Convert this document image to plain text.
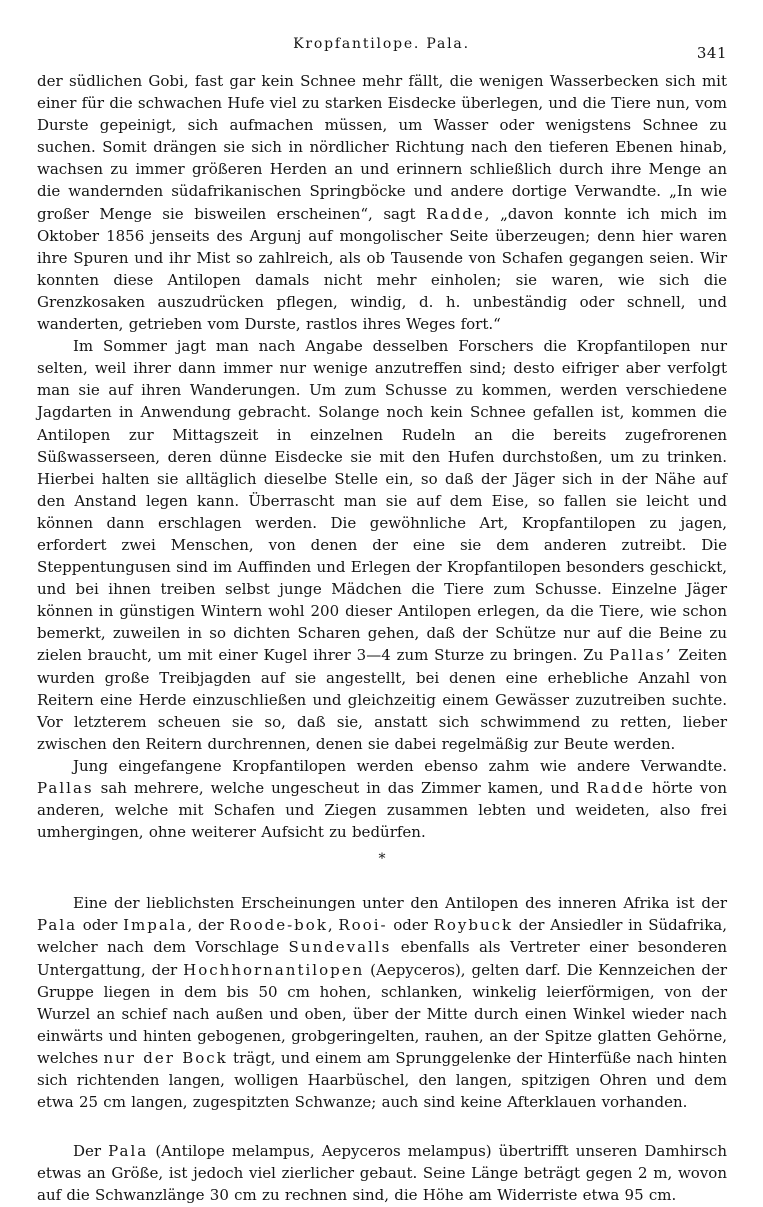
Kropfantilope. Pala.	341

der südlichen Gobi, fast gar kein Schnee mehr fällt, die wenigen Wasserbecken sich mit einer für die schwachen Hufe viel zu starken Eisdecke überlegen, und die Tiere nun, vom Durste gepeinigt, sich aufmachen müssen, um Wasser oder wenigstens Schnee zu suchen. Somit drängen sie sich in nördlicher Richtung nach den tieferen Ebenen hinab, wachsen zu immer größeren Herden an und erinnern schließlich durch ihre Menge an die wandernden südafrikanischen Springböcke und andere dortige Verwandte. „In wie großer Menge sie bisweilen erscheinen“, sagt Radde, „davon konnte ich mich im Oktober 1856 jenseits des Argunj auf mongolischer Seite überzeugen; denn hier waren ihre Spuren und ihr Mist so zahlreich, als ob Tausende von Schafen gegangen seien. Wir konnten diese Antilopen damals nicht mehr einholen; sie waren, wie sich die Grenzkosaken auszudrücken pflegen, windig, d. h. unbeständig oder schnell, und wanderten, getrieben vom Durste, rastlos ihres Weges fort.“

Im Sommer jagt man nach Angabe desselben Forschers die Kropfantilopen nur selten, weil ihrer dann immer nur wenige anzutreffen sind; desto eifriger aber verfolgt man sie auf ihren Wanderungen. Um zum Schusse zu kommen, werden verschiedene Jagdarten in Anwendung gebracht. Solange noch kein Schnee gefallen ist, kommen die Antilopen zur Mittagszeit in einzelnen Rudeln an die bereits zugefrorenen Süßwasserseen, deren dünne Eisdecke sie mit den Hufen durchstoßen, um zu trinken. Hierbei halten sie alltäglich dieselbe Stelle ein, so daß der Jäger sich in der Nähe auf den Anstand legen kann. Überrascht man sie auf dem Eise, so fallen sie leicht und können dann erschlagen werden. Die gewöhnliche Art, Kropfantilopen zu jagen, erfordert zwei Menschen, von denen der eine sie dem anderen zutreibt. Die Steppentungusen sind im Auffinden und Erlegen der Kropfantilopen besonders geschickt, und bei ihnen treiben selbst junge Mädchen die Tiere zum Schusse. Einzelne Jäger können in günstigen Wintern wohl 200 dieser Antilopen erlegen, da die Tiere, wie schon bemerkt, zuweilen in so dichten Scharen gehen, daß der Schütze nur auf die Beine zu zielen braucht, um mit einer Kugel ihrer 3—4 zum Sturze zu bringen. Zu Pallas’ Zeiten wurden große Treibjagden auf sie angestellt, bei denen eine erhebliche Anzahl von Reitern eine Herde einzuschließen und gleichzeitig einem Gewässer zuzutreiben suchte. Vor letzterem scheuen sie so, daß sie, anstatt sich schwimmend zu retten, lieber zwischen den Reitern durchrennen, denen sie dabei regelmäßig zur Beute werden.

Jung eingefangene Kropfantilopen werden ebenso zahm wie andere Verwandte. Pallas sah mehrere, welche ungescheut in das Zimmer kamen, und Radde hörte von anderen, welche mit Schafen und Ziegen zusammen lebten und weideten, also frei umhergingen, ohne weiterer Aufsicht zu bedürfen.

*

Eine der lieblichsten Erscheinungen unter den Antilopen des inneren Afrika ist der Pala oder Impala, der Roode-bok, Rooi- oder Roybuck der Ansiedler in Südafrika, welcher nach dem Vorschlage Sundevalls ebenfalls als Vertreter einer besonderen Untergattung, der Hochhornantilopen (Aepyceros), gelten darf. Die Kennzeichen der Gruppe liegen in dem bis 50 cm hohen, schlanken, winkelig leierförmigen, von der Wurzel an schief nach außen und oben, über der Mitte durch einen Winkel wieder nach einwärts und hinten gebogenen, grobgeringelten, rauhen, an der Spitze glatten Gehörne, welches nur der Bock trägt, und einem am Sprunggelenke der Hinterfüße nach hinten sich richtenden langen, wolligen Haarbüschel, den langen, spitzigen Ohren und dem etwa 25 cm langen, zugespitzten Schwanze; auch sind keine Afterklauen vorhanden.

Der Pala (Antilope melampus, Aepyceros melampus) übertrifft unseren Damhirsch etwas an Größe, ist jedoch viel zierlicher gebaut. Seine Länge beträgt gegen 2 m, wovon auf die Schwanzlänge 30 cm zu rechnen sind, die Höhe am Widerriste etwa 95 cm.
